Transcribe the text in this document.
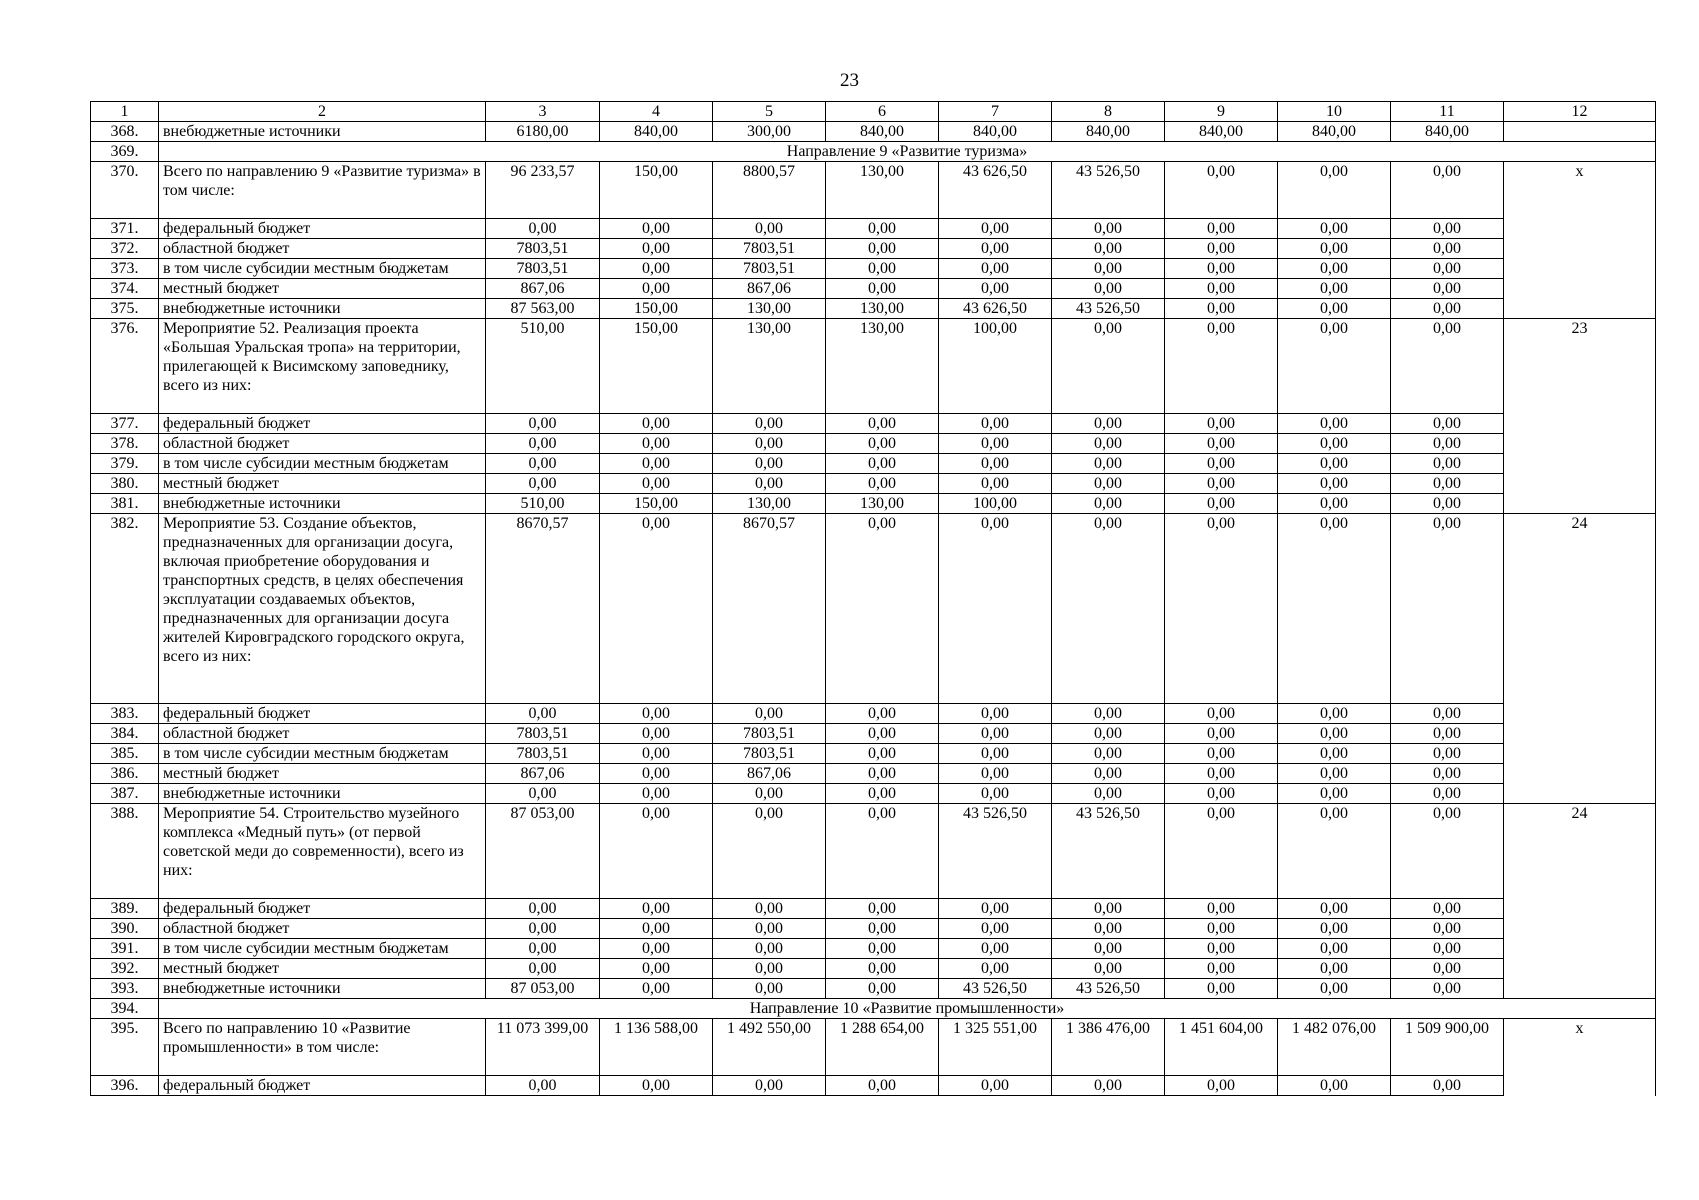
23
1	2	3	4	5	6	7	8	9	10	11	12
368.	внебюджетные источники	6180,00	840,00	300,00	840,00	840,00	840,00	840,00	840,00	840,00	
369.	Направление 9 «Развитие туризма»										
370.	Всего по направлению 9 «Развитие туризма» в том числе:	96 233,57	150,00	8800,57	130,00	43 626,50	43 526,50	0,00	0,00	0,00	х
371.	федеральный бюджет	0,00	0,00	0,00	0,00	0,00	0,00	0,00	0,00	0,00	
372.	областной бюджет	7803,51	0,00	7803,51	0,00	0,00	0,00	0,00	0,00	0,00	
373.	в том числе субсидии местным бюджетам	7803,51	0,00	7803,51	0,00	0,00	0,00	0,00	0,00	0,00	
374.	местный бюджет	867,06	0,00	867,06	0,00	0,00	0,00	0,00	0,00	0,00	
375.	внебюджетные источники	87 563,00	150,00	130,00	130,00	43 626,50	43 526,50	0,00	0,00	0,00	
376.	Мероприятие 52. Реализация проекта «Большая Уральская тропа» на территории, прилегающей к Висимскому заповеднику, всего из них:	510,00	150,00	130,00	130,00	100,00	0,00	0,00	0,00	0,00	23
377.	федеральный бюджет	0,00	0,00	0,00	0,00	0,00	0,00	0,00	0,00	0,00	
378.	областной бюджет	0,00	0,00	0,00	0,00	0,00	0,00	0,00	0,00	0,00	
379.	в том числе субсидии местным бюджетам	0,00	0,00	0,00	0,00	0,00	0,00	0,00	0,00	0,00	
380.	местный бюджет	0,00	0,00	0,00	0,00	0,00	0,00	0,00	0,00	0,00	
381.	внебюджетные источники	510,00	150,00	130,00	130,00	100,00	0,00	0,00	0,00	0,00	
382.	Мероприятие 53. Создание объектов, предназначенных для организации досуга, включая приобретение оборудования и транспортных средств, в целях обеспечения эксплуатации создаваемых объектов, предназначенных для организации досуга жителей Кировградского городского округа, всего из них:	8670,57	0,00	8670,57	0,00	0,00	0,00	0,00	0,00	0,00	24
383.	федеральный бюджет	0,00	0,00	0,00	0,00	0,00	0,00	0,00	0,00	0,00	
384.	областной бюджет	7803,51	0,00	7803,51	0,00	0,00	0,00	0,00	0,00	0,00	
385.	в том числе субсидии местным бюджетам	7803,51	0,00	7803,51	0,00	0,00	0,00	0,00	0,00	0,00	
386.	местный бюджет	867,06	0,00	867,06	0,00	0,00	0,00	0,00	0,00	0,00	
387.	внебюджетные источники	0,00	0,00	0,00	0,00	0,00	0,00	0,00	0,00	0,00	
388.	Мероприятие 54. Строительство музейного комплекса «Медный путь» (от первой советской меди до современности), всего из них:	87 053,00	0,00	0,00	0,00	43 526,50	43 526,50	0,00	0,00	0,00	24
389.	федеральный бюджет	0,00	0,00	0,00	0,00	0,00	0,00	0,00	0,00	0,00	
390.	областной бюджет	0,00	0,00	0,00	0,00	0,00	0,00	0,00	0,00	0,00	
391.	в том числе субсидии местным бюджетам	0,00	0,00	0,00	0,00	0,00	0,00	0,00	0,00	0,00	
392.	местный бюджет	0,00	0,00	0,00	0,00	0,00	0,00	0,00	0,00	0,00	
393.	внебюджетные источники	87 053,00	0,00	0,00	0,00	43 526,50	43 526,50	0,00	0,00	0,00	
394.	Направление 10 «Развитие промышленности»										
395.	Всего по направлению 10 «Развитие промышленности» в том числе:	11 073 399,00	1 136 588,00	1 492 550,00	1 288 654,00	1 325 551,00	1 386 476,00	1 451 604,00	1 482 076,00	1 509 900,00	х
396.	федеральный бюджет	0,00	0,00	0,00	0,00	0,00	0,00	0,00	0,00	0,00	
